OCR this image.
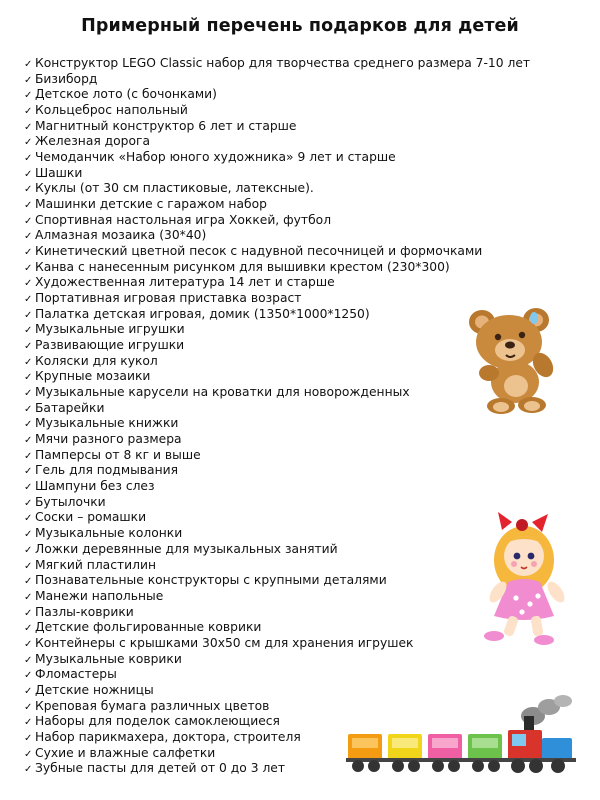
Примерный перечень подарков для детей
✓ Конструктор LEGO Classic набор для творчества среднего размера 7-10 лет
✓ Бизиборд
✓ Детское лото (с бочонками)
✓ Кольцеброс напольный
✓ Магнитный конструктор 6 лет и старше
✓ Железная дорога
✓ Чемоданчик «Набор юного художника» 9 лет и старше
✓ Шашки
✓ Куклы (от 30 см пластиковые, латексные).
✓ Машинки детские с гаражом набор
✓ Спортивная настольная игра Хоккей, футбол
✓ Алмазная мозаика (30*40)
✓ Кинетический цветной песок с надувной песочницей и формочками
✓ Канва с нанесенным рисунком для вышивки крестом (230*300)
✓ Художественная литература 14 лет и старше
✓ Портативная игровая приставка возраст
✓ Палатка детская игровая, домик (1350*1000*1250)
✓ Музыкальные игрушки
✓ Развивающие игрушки
✓ Коляски для кукол
✓ Крупные мозаики
✓ Музыкальные карусели на кроватки для новорожденных
✓ Батарейки
✓ Музыкальные книжки
✓ Мячи разного размера
✓ Памперсы от 8 кг и выше
✓ Гель для подмывания
✓ Шампуни без слез
✓ Бутылочки
✓ Соски – ромашки
✓ Музыкальные колонки
✓ Ложки деревянные для музыкальных занятий
✓ Мягкий пластилин
✓ Познавательные конструкторы с крупными деталями
✓ Манежи напольные
✓ Пазлы-коврики
✓ Детские фольгированные коврики
✓ Контейнеры с крышками 30х50 см для хранения игрушек
✓ Музыкальные коврики
✓ Фломастеры
✓ Детские ножницы
✓ Креповая бумага различных цветов
✓ Наборы для поделок самоклеющиеся
✓ Набор парикмахера, доктора, строителя
✓ Сухие и влажные салфетки
✓ Зубные пасты для детей от 0 до 3 лет
